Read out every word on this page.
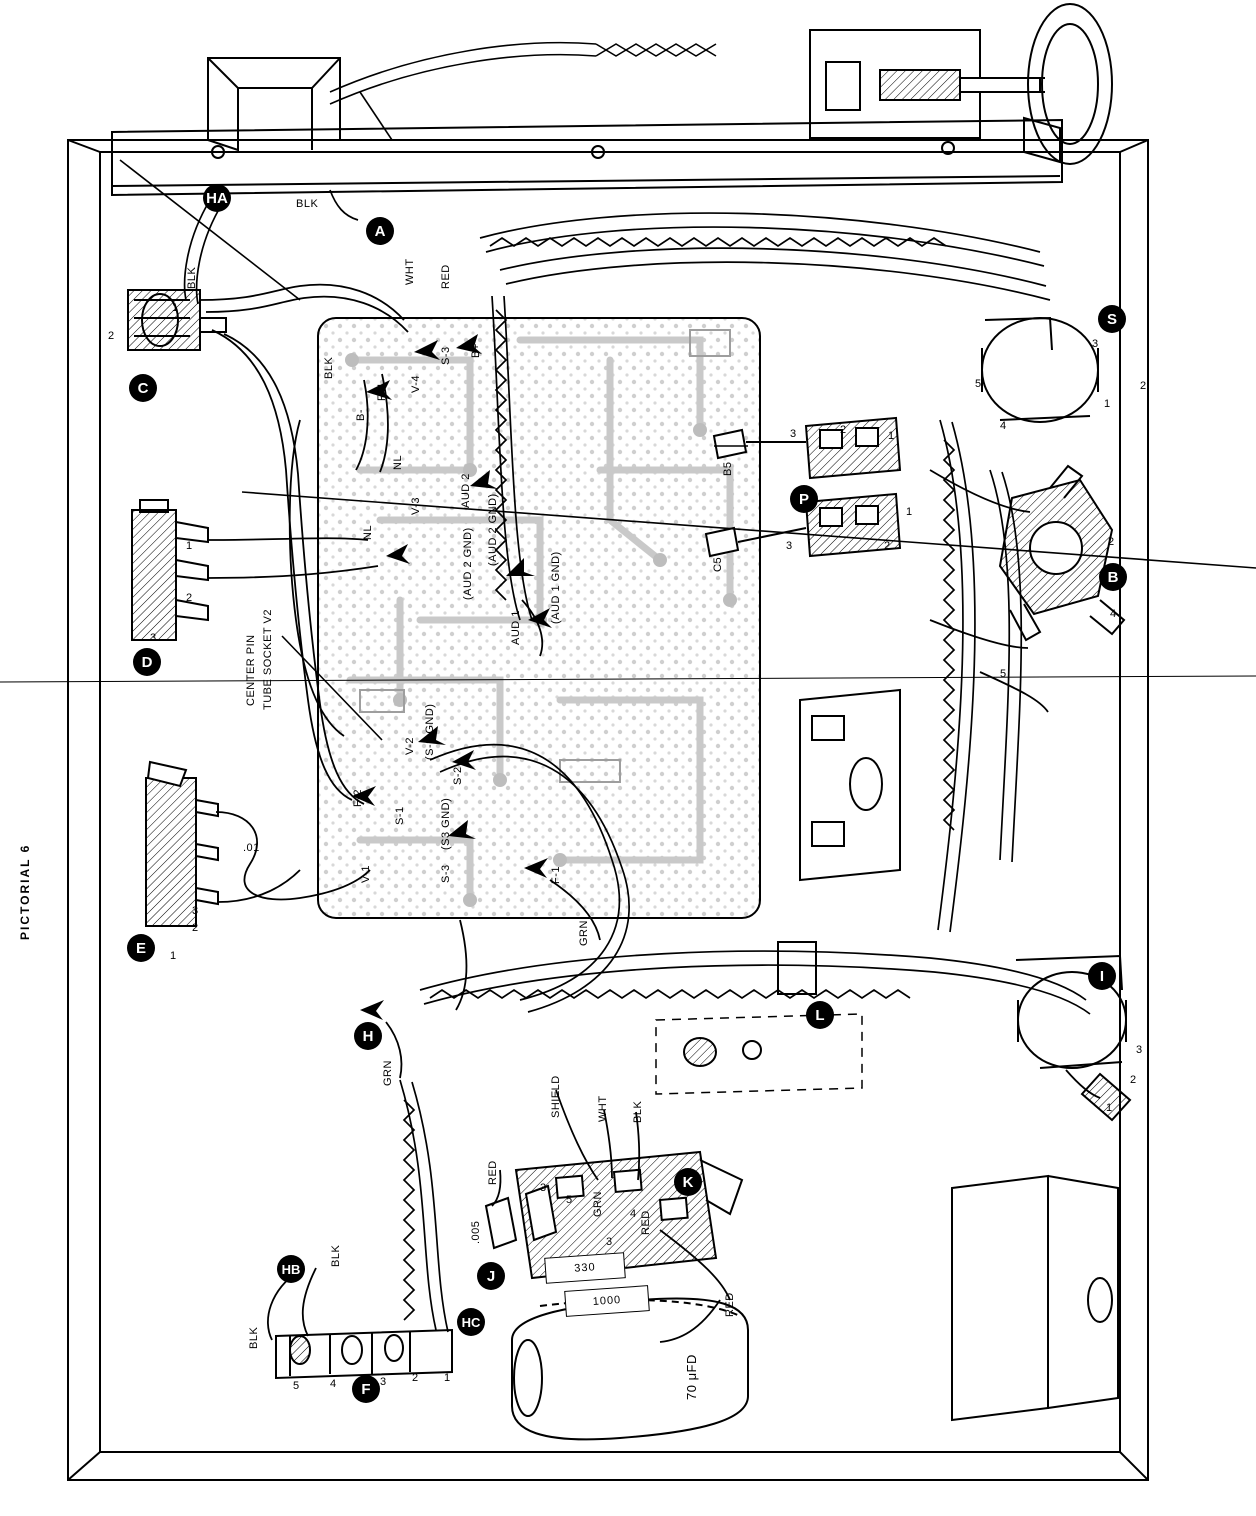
PICTORIAL 6
HA
A
C
D
E
H
HB
F
HC
J
K
L
I
B
P
S
BLK
WHT RED
BLK
BLK
B-
F-4 V-4
S-3 B+
NL
NL
V-3	AUD 2
(AUD 2 GND)
(AUD 2 GND)	(AUD 1 GND)
AUD 1
B5
C5
TUBE SOCKET V2
CENTER PIN
(S-2 GND)
V-2
S-2
(S3 GND)
S-1
F-2
S-3
V-1
.01
F-1
GRN
GRN
BLK
BLK
SHIELD	WHT BLK
RED
.005	RED
RED
GRN
330
1000
70 μFD
1
2
1
2
3
3
2
1
3	2	1
3	2
1
5
3
2
1
4
2
4
5
3
2
1
3
5
4
3
5	4	3 2 1
